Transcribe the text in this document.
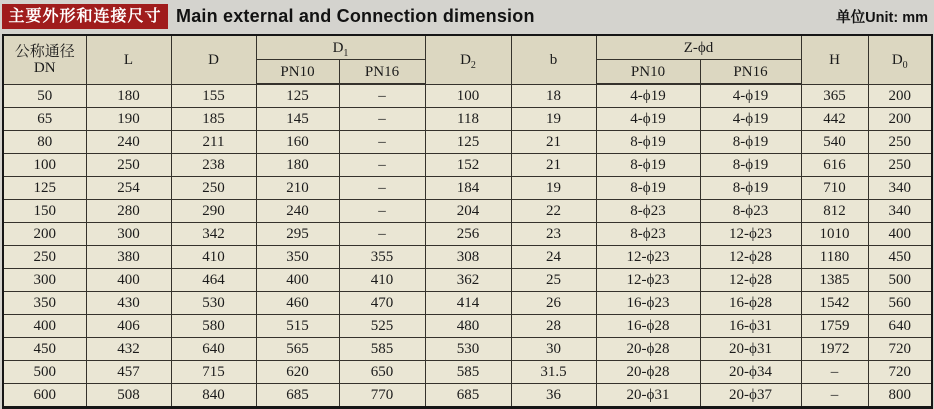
主要外形和连接尺寸 Main external and Connection dimension	单位Unit: mm
公称通径
DN	L	D	$D_1$		$D_2$	b	Z-ϕd		H	$D_0$
			PN10	PN16			PN10	PN16		
50	180	155	125	–	100	18	4-ϕ19	4-ϕ19	365	200
65	190	185	145	–	118	19	4-ϕ19	4-ϕ19	442	200
80	240	211	160	–	125	21	8-ϕ19	8-ϕ19	540	250
100	250	238	180	–	152	21	8-ϕ19	8-ϕ19	616	250
125	254	250	210	–	184	19	8-ϕ19	8-ϕ19	710	340
150	280	290	240	–	204	22	8-ϕ23	8-ϕ23	812	340
200	300	342	295	–	256	23	8-ϕ23	12-ϕ23	1010	400
250	380	410	350	355	308	24	12-ϕ23	12-ϕ28	1180	450
300	400	464	400	410	362	25	12-ϕ23	12-ϕ28	1385	500
350	430	530	460	470	414	26	16-ϕ23	16-ϕ28	1542	560
400	406	580	515	525	480	28	16-ϕ28	16-ϕ31	1759	640
450	432	640	565	585	530	30	20-ϕ28	20-ϕ31	1972	720
500	457	715	620	650	585	31.5	20-ϕ28	20-ϕ34	–	720
600	508	840	685	770	685	36	20-ϕ31	20-ϕ37	–	800
